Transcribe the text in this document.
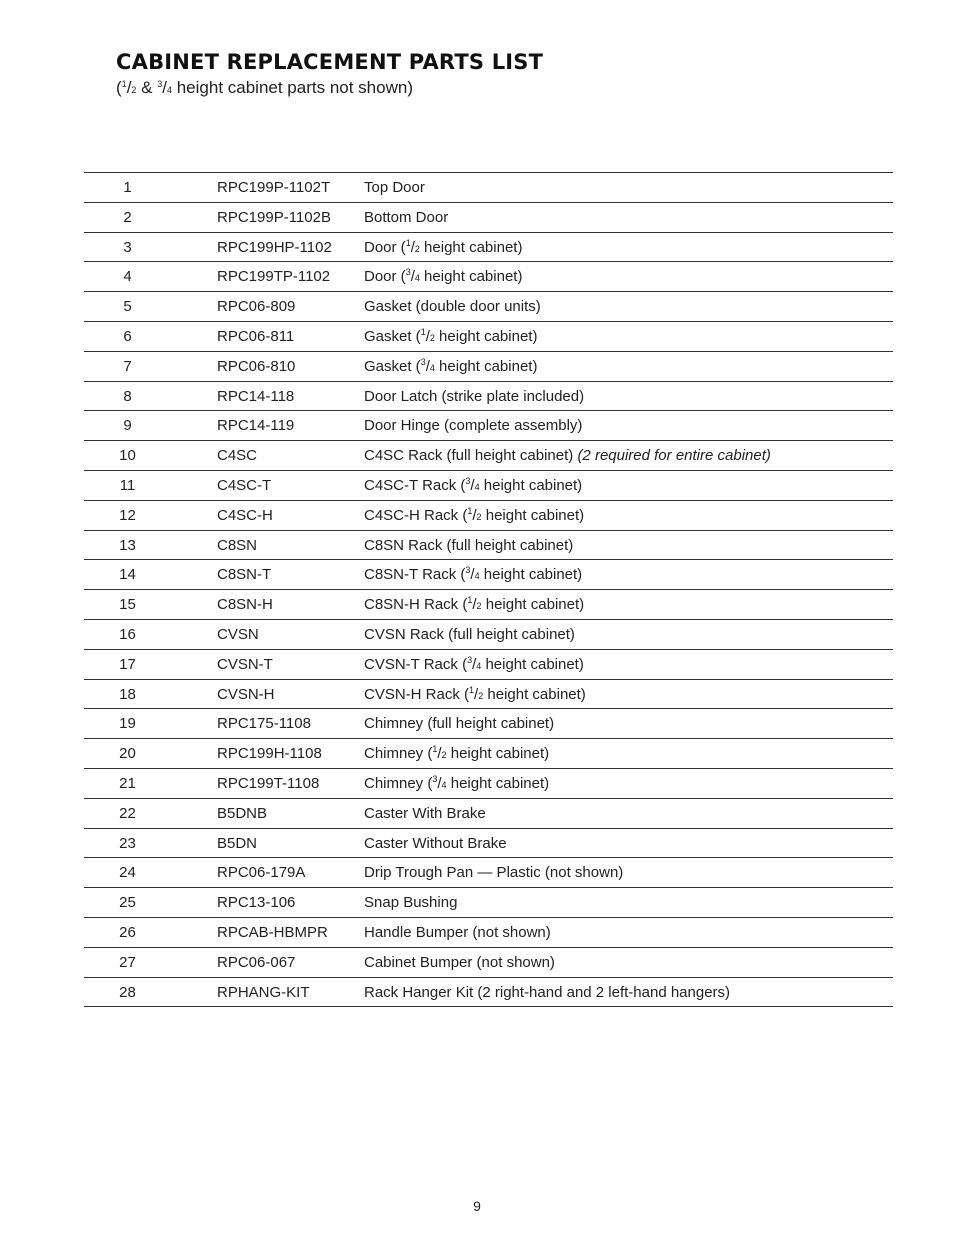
CABINET REPLACEMENT PARTS LIST
($^1$/2 & $^3$/4 height cabinet parts not shown)
1	RPC199P-1102T Top Door
2	RPC199P-1102B Bottom Door
3	RPC199HP-1102 Door ($^1$/2 height cabinet)
4	RPC199TP-1102 Door ($^3$/4 height cabinet)
5	RPC06-809	Gasket (double door units)
6	RPC06-811	Gasket ($^1$/2 height cabinet)
7	RPC06-810	Gasket ($^3$/4 height cabinet)
8	RPC14-118	Door Latch (strike plate included)
9	RPC14-119	Door Hinge (complete assembly)
10	C4SC	C4SC Rack (full height cabinet) (2 required for entire cabinet)
11	C4SC-T	C4SC-T Rack ($^3$/4 height cabinet)
12	C4SC-H	C4SC-H Rack ($^1$/2 height cabinet)
13	C8SN	C8SN Rack (full height cabinet)
14	C8SN-T	C8SN-T Rack ($^3$/4 height cabinet)
15	C8SN-H	C8SN-H Rack ($^1$/2 height cabinet)
16	CVSN	CVSN Rack (full height cabinet)
17	CVSN-T	CVSN-T Rack ($^3$/4 height cabinet)
18	CVSN-H	CVSN-H Rack ($^1$/2 height cabinet)
19	RPC175-1108	Chimney (full height cabinet)
20	RPC199H-1108	Chimney ($^1$/2 height cabinet)
21	RPC199T-1108	Chimney ($^3$/4 height cabinet)
22	B5DNB	Caster With Brake
23	B5DN	Caster Without Brake
24	RPC06-179A	Drip Trough Pan — Plastic (not shown)
25	RPC13-106	Snap Bushing
26	RPCAB-HBMPR Handle Bumper (not shown)
27	RPC06-067	Cabinet Bumper (not shown)
28	RPHANG-KIT	Rack Hanger Kit (2 right-hand and 2 left-hand hangers)
9
